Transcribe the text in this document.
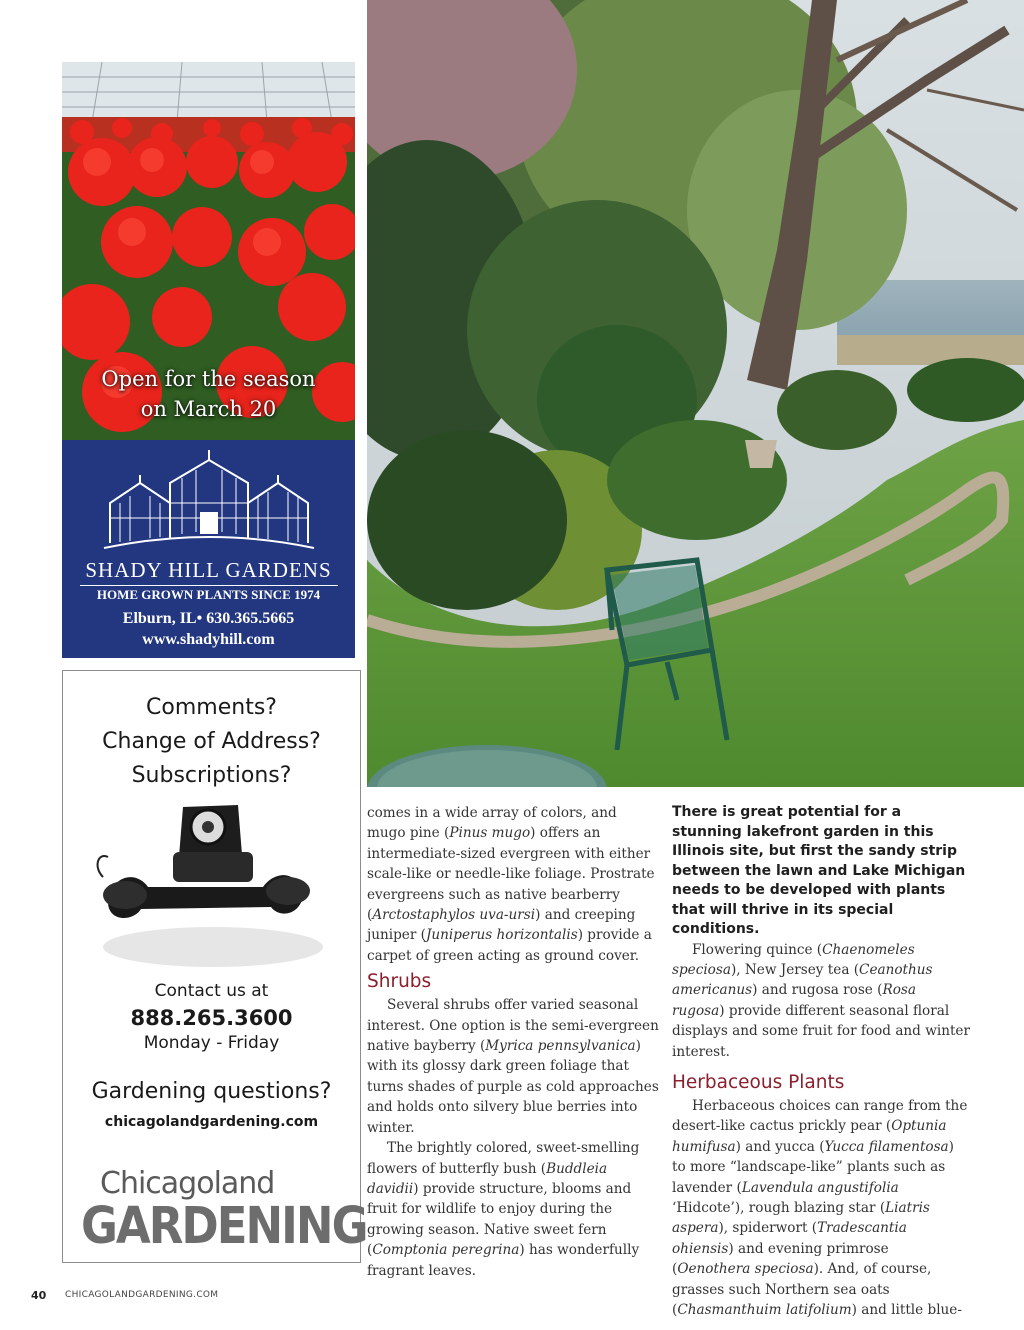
Open for the season
on March 20
SHADY HILL GARDENS
HOME GROWN PLANTS SINCE 1974
Elburn, IL• 630.365.5665
www.shadyhill.com
Comments?
Change of Address?
Subscriptions?
Contact us at
888.265.3600
Monday - Friday
Gardening questions?
chicagolandgardening.com
Chicagoland
GARDENING

comes in a wide array of colors, and mugo pine (Pinus mugo) offers an intermediate-sized evergreen with either scale-like or needle-like foliage. Prostrate evergreens such as native bearberry (Arctostaphylos uva-ursi) and creeping juniper (Juniperus horizontalis) provide a carpet of green acting as ground cover.

Shrubs

Several shrubs offer varied seasonal interest. One option is the semi-evergreen native bayberry (Myrica pennsylvanica) with its glossy dark green foliage that turns shades of purple as cold approaches and holds onto silvery blue berries into winter.

The brightly colored, sweet-smelling flowers of butterfly bush (Buddleia davidii) provide structure, blooms and fruit for wildlife to enjoy during the growing season. Native sweet fern (Comptonia peregrina) has wonderfully fragrant leaves.

There is great potential for a stunning lakefront garden in this Illinois site, but first the sandy strip between the lawn and Lake Michigan needs to be developed with plants that will thrive in its special conditions.

Flowering quince (Chaenomeles speciosa), New Jersey tea (Ceanothus americanus) and rugosa rose (Rosa rugosa) provide different seasonal floral displays and some fruit for food and winter interest.

Herbaceous Plants

Herbaceous choices can range from the desert-like cactus prickly pear (Optunia humifusa) and yucca (Yucca filamentosa) to more “landscape-like” plants such as lavender (Lavendula angustifolia ‘Hidcote’), rough blazing star (Liatris aspera), spiderwort (Tradescantia ohiensis) and evening primrose (Oenothera speciosa). And, of course, grasses such Northern sea oats (Chasmanthuim latifolium) and little blue-

40 CHICAGOLANDGARDENING.COM
